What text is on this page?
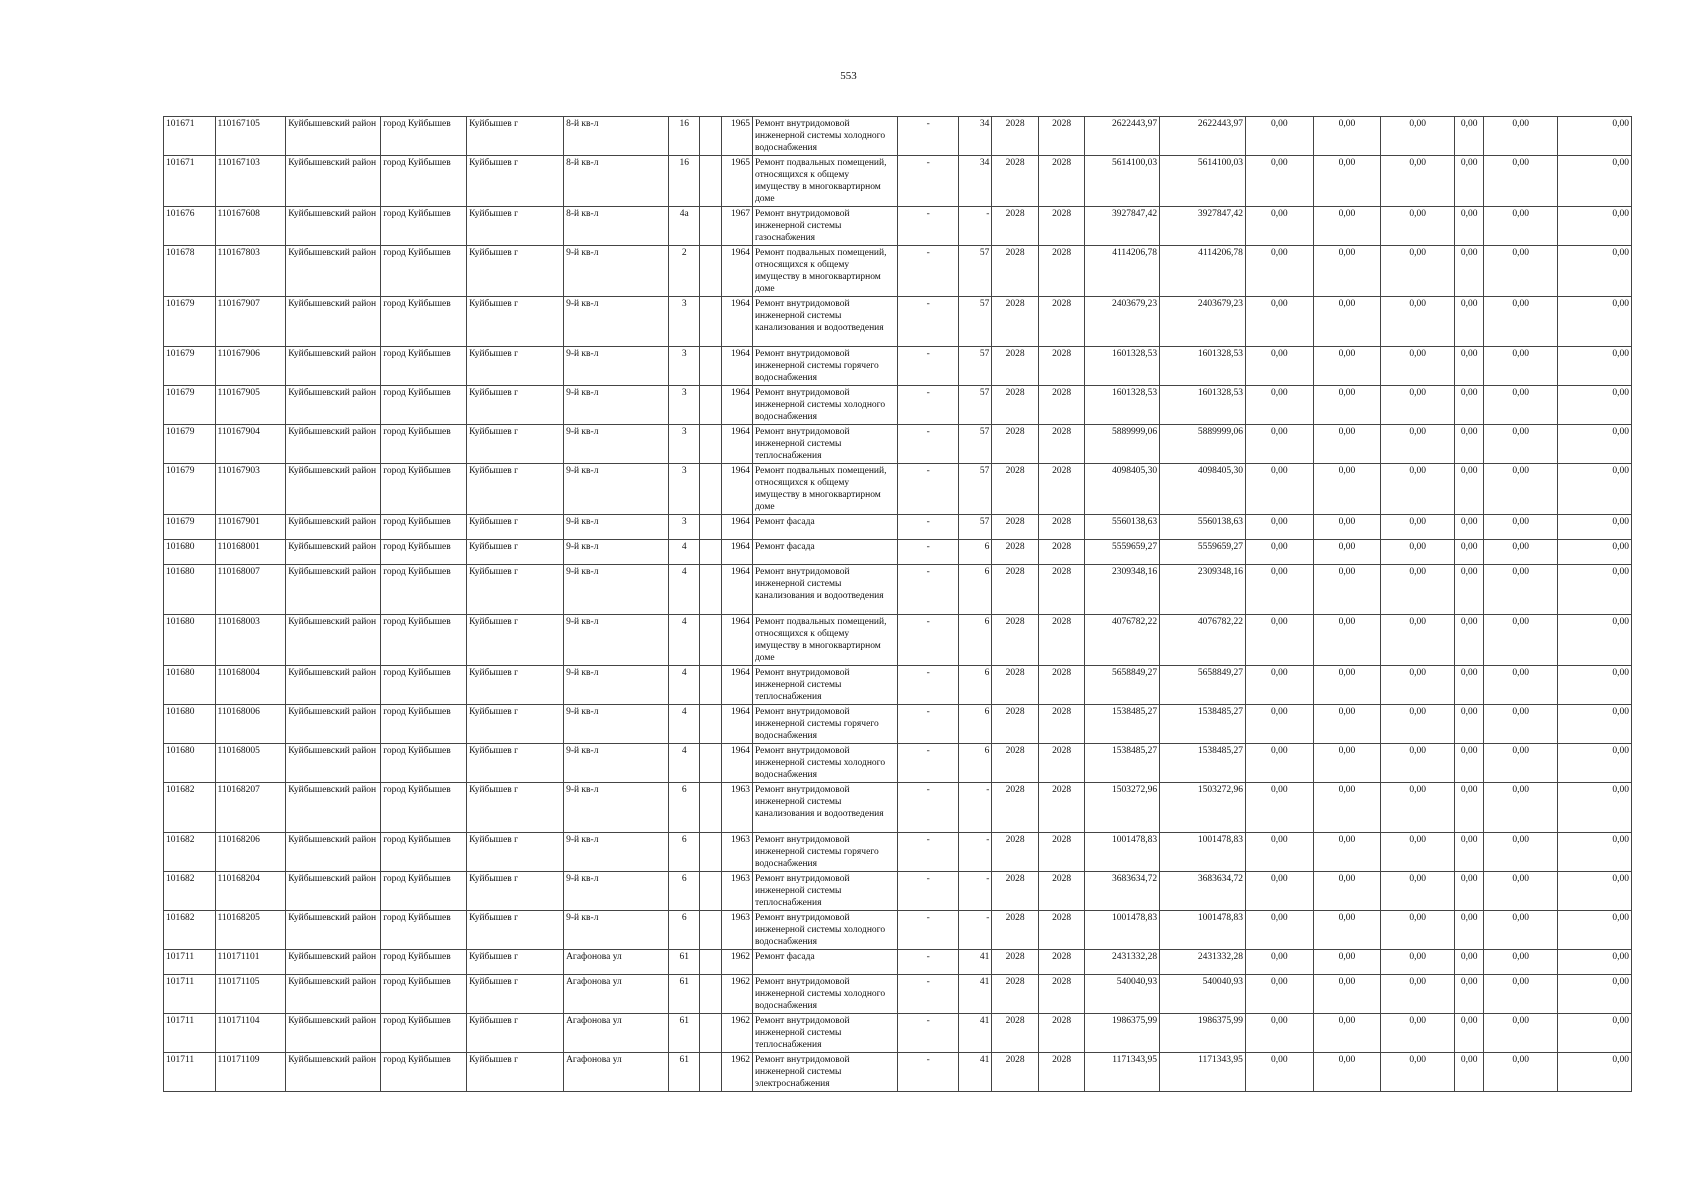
553
101671	110167105	Куйбышевский район	город Куйбышев	Куйбышев г	8-й кв-л	16		1965	Ремонт внутридомовой инженерной системы холодного водоснабжения	-	34	2028	2028	2622443,97	2622443,97	0,00	0,00	0,00	0,00	0,00	0,00
101671	110167103	Куйбышевский район	город Куйбышев	Куйбышев г	8-й кв-л	16		1965	Ремонт подвальных помещений, относящихся к общему имуществу в многоквартирном доме	-	34	2028	2028	5614100,03	5614100,03	0,00	0,00	0,00	0,00	0,00	0,00
101676	110167608	Куйбышевский район	город Куйбышев	Куйбышев г	8-й кв-л	4а		1967	Ремонт внутридомовой инженерной системы газоснабжения	-	-	2028	2028	3927847,42	3927847,42	0,00	0,00	0,00	0,00	0,00	0,00
101678	110167803	Куйбышевский район	город Куйбышев	Куйбышев г	9-й кв-л	2		1964	Ремонт подвальных помещений, относящихся к общему имуществу в многоквартирном доме	-	57	2028	2028	4114206,78	4114206,78	0,00	0,00	0,00	0,00	0,00	0,00
101679	110167907	Куйбышевский район	город Куйбышев	Куйбышев г	9-й кв-л	3		1964	Ремонт внутридомовой инженерной системы канализования и водоотведения	-	57	2028	2028	2403679,23	2403679,23	0,00	0,00	0,00	0,00	0,00	0,00
101679	110167906	Куйбышевский район	город Куйбышев	Куйбышев г	9-й кв-л	3		1964	Ремонт внутридомовой инженерной системы горячего водоснабжения	-	57	2028	2028	1601328,53	1601328,53	0,00	0,00	0,00	0,00	0,00	0,00
101679	110167905	Куйбышевский район	город Куйбышев	Куйбышев г	9-й кв-л	3		1964	Ремонт внутридомовой инженерной системы холодного водоснабжения	-	57	2028	2028	1601328,53	1601328,53	0,00	0,00	0,00	0,00	0,00	0,00
101679	110167904	Куйбышевский район	город Куйбышев	Куйбышев г	9-й кв-л	3		1964	Ремонт внутридомовой инженерной системы теплоснабжения	-	57	2028	2028	5889999,06	5889999,06	0,00	0,00	0,00	0,00	0,00	0,00
101679	110167903	Куйбышевский район	город Куйбышев	Куйбышев г	9-й кв-л	3		1964	Ремонт подвальных помещений, относящихся к общему имуществу в многоквартирном доме	-	57	2028	2028	4098405,30	4098405,30	0,00	0,00	0,00	0,00	0,00	0,00
101679	110167901	Куйбышевский район	город Куйбышев	Куйбышев г	9-й кв-л	3		1964	Ремонт фасада	-	57	2028	2028	5560138,63	5560138,63	0,00	0,00	0,00	0,00	0,00	0,00
101680	110168001	Куйбышевский район	город Куйбышев	Куйбышев г	9-й кв-л	4		1964	Ремонт фасада	-	6	2028	2028	5559659,27	5559659,27	0,00	0,00	0,00	0,00	0,00	0,00
101680	110168007	Куйбышевский район	город Куйбышев	Куйбышев г	9-й кв-л	4		1964	Ремонт внутридомовой инженерной системы канализования и водоотведения	-	6	2028	2028	2309348,16	2309348,16	0,00	0,00	0,00	0,00	0,00	0,00
101680	110168003	Куйбышевский район	город Куйбышев	Куйбышев г	9-й кв-л	4		1964	Ремонт подвальных помещений, относящихся к общему имуществу в многоквартирном доме	-	6	2028	2028	4076782,22	4076782,22	0,00	0,00	0,00	0,00	0,00	0,00
101680	110168004	Куйбышевский район	город Куйбышев	Куйбышев г	9-й кв-л	4		1964	Ремонт внутридомовой инженерной системы теплоснабжения	-	6	2028	2028	5658849,27	5658849,27	0,00	0,00	0,00	0,00	0,00	0,00
101680	110168006	Куйбышевский район	город Куйбышев	Куйбышев г	9-й кв-л	4		1964	Ремонт внутридомовой инженерной системы горячего водоснабжения	-	6	2028	2028	1538485,27	1538485,27	0,00	0,00	0,00	0,00	0,00	0,00
101680	110168005	Куйбышевский район	город Куйбышев	Куйбышев г	9-й кв-л	4		1964	Ремонт внутридомовой инженерной системы холодного водоснабжения	-	6	2028	2028	1538485,27	1538485,27	0,00	0,00	0,00	0,00	0,00	0,00
101682	110168207	Куйбышевский район	город Куйбышев	Куйбышев г	9-й кв-л	6		1963	Ремонт внутридомовой инженерной системы канализования и водоотведения	-	-	2028	2028	1503272,96	1503272,96	0,00	0,00	0,00	0,00	0,00	0,00
101682	110168206	Куйбышевский район	город Куйбышев	Куйбышев г	9-й кв-л	6		1963	Ремонт внутридомовой инженерной системы горячего водоснабжения	-	-	2028	2028	1001478,83	1001478,83	0,00	0,00	0,00	0,00	0,00	0,00
101682	110168204	Куйбышевский район	город Куйбышев	Куйбышев г	9-й кв-л	6		1963	Ремонт внутридомовой инженерной системы теплоснабжения	-	-	2028	2028	3683634,72	3683634,72	0,00	0,00	0,00	0,00	0,00	0,00
101682	110168205	Куйбышевский район	город Куйбышев	Куйбышев г	9-й кв-л	6		1963	Ремонт внутридомовой инженерной системы холодного водоснабжения	-	-	2028	2028	1001478,83	1001478,83	0,00	0,00	0,00	0,00	0,00	0,00
101711	110171101	Куйбышевский район	город Куйбышев	Куйбышев г	Агафонова ул	61		1962	Ремонт фасада	-	41	2028	2028	2431332,28	2431332,28	0,00	0,00	0,00	0,00	0,00	0,00
101711	110171105	Куйбышевский район	город Куйбышев	Куйбышев г	Агафонова ул	61		1962	Ремонт внутридомовой инженерной системы холодного водоснабжения	-	41	2028	2028	540040,93	540040,93	0,00	0,00	0,00	0,00	0,00	0,00
101711	110171104	Куйбышевский район	город Куйбышев	Куйбышев г	Агафонова ул	61		1962	Ремонт внутридомовой инженерной системы теплоснабжения	-	41	2028	2028	1986375,99	1986375,99	0,00	0,00	0,00	0,00	0,00	0,00
101711	110171109	Куйбышевский район	город Куйбышев	Куйбышев г	Агафонова ул	61		1962	Ремонт внутридомовой инженерной системы электроснабжения	-	41	2028	2028	1171343,95	1171343,95	0,00	0,00	0,00	0,00	0,00	0,00
